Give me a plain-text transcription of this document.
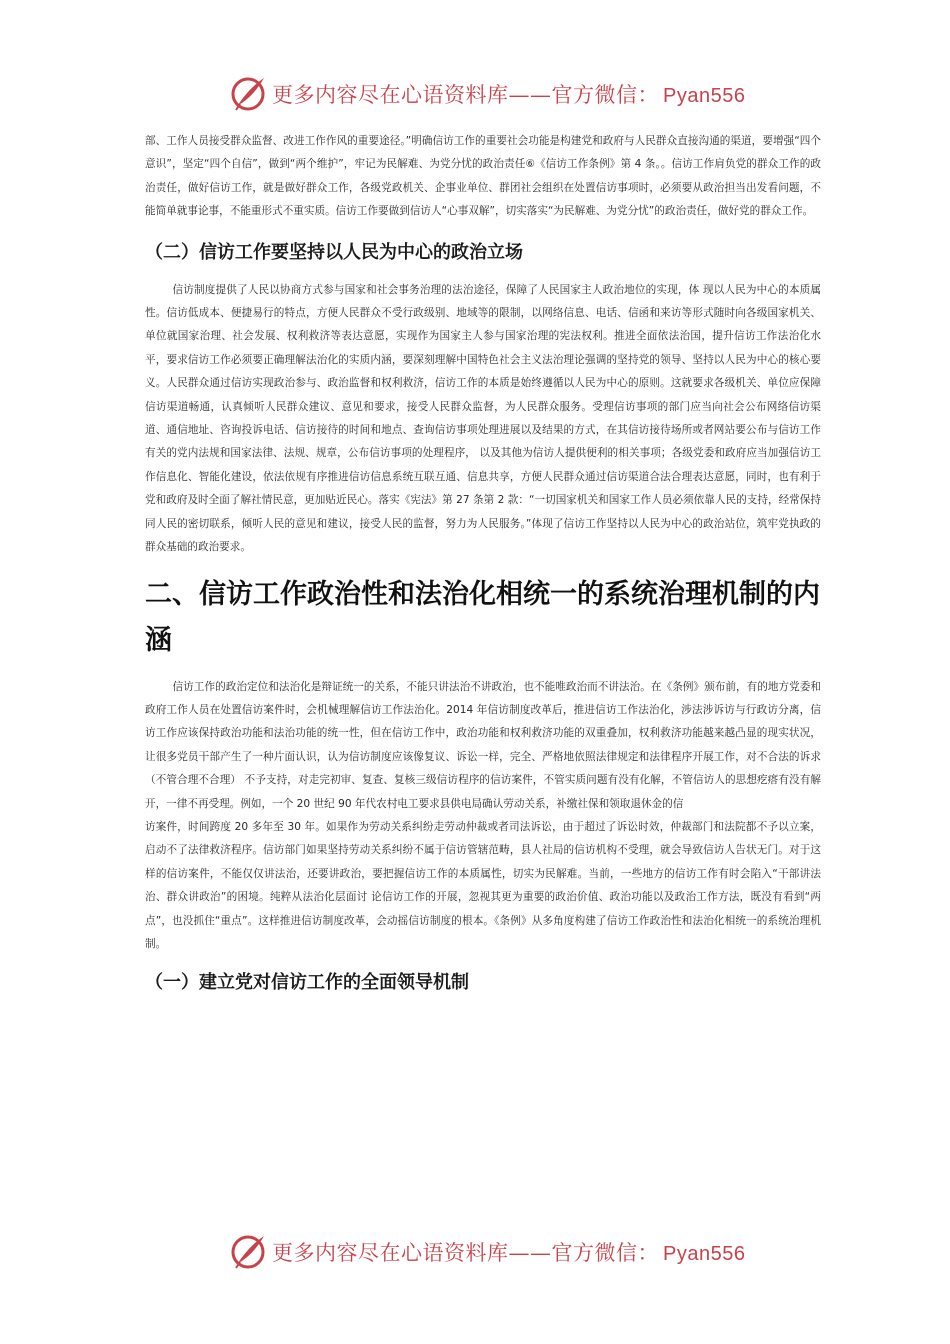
更多内容尽在心语资料库——官方微信： Pyan556

部、工作人员接受群众监督、改进工作作风的重要途径。”明确信访工作的重要社会功能是构建党和政府与人民群众直接沟通的渠道，要增强“四个意识”，坚定“四个自信”，做到“两个维护”，牢记为民解难、为党分忧的政治责任⑥《信访工作条例》第 4 条。。信访工作肩负党的群众工作的政治责任，做好信访工作，就是做好群众工作，各级党政机关、企事业单位、群团社会组织在处置信访事项时，必须要从政治担当出发看问题，不能简单就事论事，不能重形式不重实质。信访工作要做到信访人“心事双解”，切实落实“为民解难、为党分忧”的政治责任，做好党的群众工作。

（二）信访工作要坚持以人民为中心的政治立场

信访制度提供了人民以协商方式参与国家和社会事务治理的法治途径，保障了人民国家主人政治地位的实现，体 现以人民为中心的本质属性。信访低成本、便捷易行的特点，方便人民群众不受行政级别、地域等的限制，以网络信息、电话、信函和来访等形式随时向各级国家机关、单位就国家治理、社会发展、权利救济等表达意愿，实现作为国家主人参与国家治理的宪法权利。推进全面依法治国，提升信访工作法治化水平，要求信访工作必须要正确理解法治化的实质内涵，要深刻理解中国特色社会主义法治理论强调的坚持党的领导、坚持以人民为中心的核心要义。人民群众通过信访实现政治参与、政治监督和权利救济，信访工作的本质是始终遵循以人民为中心的原则。这就要求各级机关、单位应保障信访渠道畅通，认真倾听人民群众建议、意见和要求，接受人民群众监督，为人民群众服务。受理信访事项的部门应当向社会公布网络信访渠道、通信地址、咨询投诉电话、信访接待的时间和地点、查询信访事项处理进展以及结果的方式，在其信访接待场所或者网站要公布与信访工作有关的党内法规和国家法律、法规、规章，公布信访事项的处理程序， 以及其他为信访人提供便利的相关事项；各级党委和政府应当加强信访工作信息化、智能化建设，依法依规有序推进信访信息系统互联互通、信息共享，方便人民群众通过信访渠道合法合理表达意愿，同时，也有利于党和政府及时全面了解社情民意，更加贴近民心。落实《宪法》第 27 条第 2 款：“一切国家机关和国家工作人员必须依靠人民的支持，经常保持同人民的密切联系，倾听人民的意见和建议，接受人民的监督，努力为人民服务。”体现了信访工作坚持以人民为中心的政治站位，筑牢党执政的群众基础的政治要求。

二、信访工作政治性和法治化相统一的系统治理机制的内涵

信访工作的政治定位和法治化是辩证统一的关系，不能只讲法治不讲政治，也不能唯政治而不讲法治。在《条例》颁布前，有的地方党委和政府工作人员在处置信访案件时，会机械理解信访工作法治化。2014 年信访制度改革后，推进信访工作法治化，涉法涉诉访与行政访分离，信访工作应该保持政治功能和法治功能的统一性，但在信访工作中，政治功能和权利救济功能的双重叠加，权利救济功能越来越凸显的现实状况，让很多党员干部产生了一种片面认识，认为信访制度应该像复议、诉讼一样，完全、严格地依照法律规定和法律程序开展工作，对不合法的诉求（不管合理不合理） 不予支持，对走完初审、复查、复核三级信访程序的信访案件，不管实质问题有没有化解，不管信访人的思想疙瘩有没有解开，一律不再受理。例如，一个 20 世纪 90 年代农村电工要求县供电局确认劳动关系，补缴社保和领取退休金的信

访案件，时间跨度 20 多年至 30 年。如果作为劳动关系纠纷走劳动仲裁或者司法诉讼，由于超过了诉讼时效，仲裁部门和法院都不予以立案，启动不了法律救济程序。信访部门如果坚持劳动关系纠纷不属于信访管辖范畴，县人社局的信访机构不受理，就会导致信访人告状无门。对于这样的信访案件，不能仅仅讲法治，还要讲政治，要把握信访工作的本质属性，切实为民解难。当前，一些地方的信访工作有时会陷入“干部讲法治、群众讲政治”的困境。纯粹从法治化层面讨 论信访工作的开展，忽视其更为重要的政治价值、政治功能以及政治工作方法，既没有看到“两点”，也没抓住“重点”。这样推进信访制度改革，会动摇信访制度的根本。《条例》从多角度构建了信访工作政治性和法治化相统一的系统治理机制。

（一）建立党对信访工作的全面领导机制
更多内容尽在心语资料库——官方微信： Pyan556
